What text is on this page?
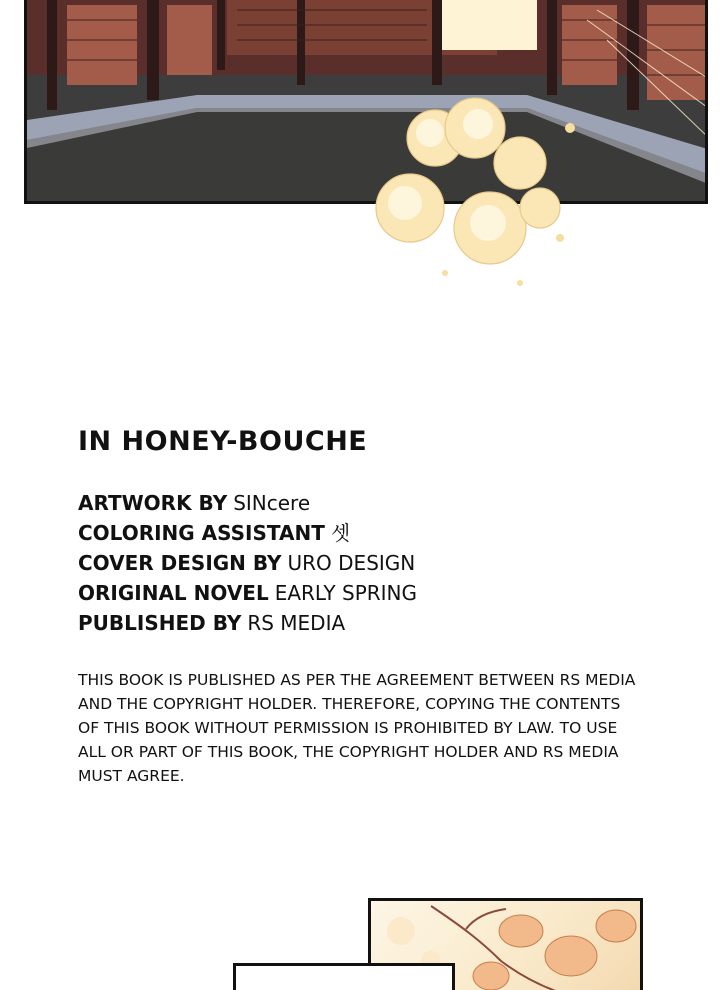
IN HONEY-BOUCHE

ARTWORK BY SINcere

COLORING ASSISTANT 셋

COVER DESIGN BY URO DESIGN

ORIGINAL NOVEL EARLY SPRING

PUBLISHED BY RS MEDIA

THIS BOOK IS PUBLISHED AS PER THE AGREEMENT BETWEEN RS MEDIA AND THE COPYRIGHT HOLDER. THEREFORE, COPYING THE CONTENTS OF THIS BOOK WITHOUT PERMISSION IS PROHIBITED BY LAW. TO USE ALL OR PART OF THIS BOOK, THE COPYRIGHT HOLDER AND RS MEDIA MUST AGREE.
